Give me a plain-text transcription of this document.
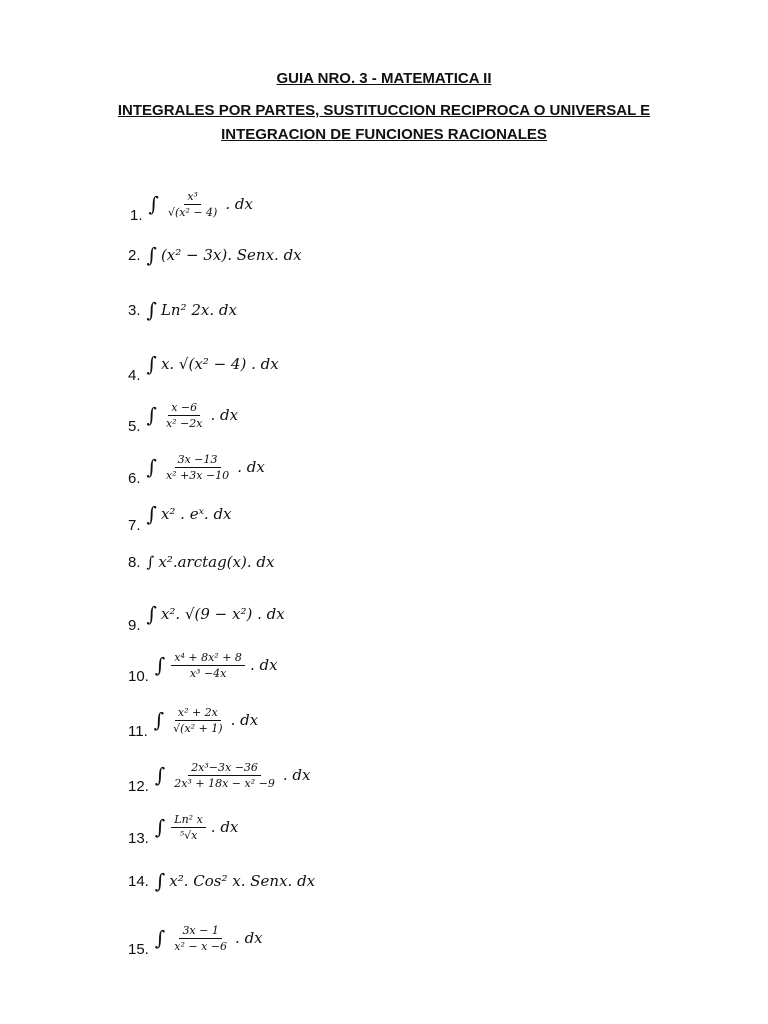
GUIA NRO. 3 - MATEMATICA II
INTEGRALES POR PARTES, SUSTITUCCION RECIPROCA O UNIVERSAL E
INTEGRACION DE FUNCIONES RACIONALES
1. ∫ $\frac{\text{x³}}{\text{√(x² − 4)}}$ . dx
2. ∫ (x² − 3x). Senx. dx
3. ∫ Ln² 2x. dx
4. ∫ x. √(x² − 4) . dx
5. ∫ $\frac{x -6}{\text{x² −2x}}$ . dx
6. ∫ $\frac{3x -13}{\text{x² +3x −10}}$ . dx
7. ∫ x² . eˣ. dx
8. ∫ x².arctag(x). dx
9. ∫ x². √(9 − x²) . dx
10. ∫ $\frac{\text{x⁴ + 8x² + 8}}{\text{x³ −4x}}$ . dx
11. ∫ $\frac{\text{x² + 2x}}{\text{√(x² + 1)}}$ . dx
12. ∫ $\frac{\text{2x³−3x −36}}{\text{2x³ + 18x − x² −9}}$ . dx
13. ∫ $\frac{\text{Ln² x}}{\text{⁵√x}}$ . dx
14. ∫ x². Cos² x. Senx. dx
15. ∫ $\frac{3x - 1}{\text{x² − x −6}}$ . dx
